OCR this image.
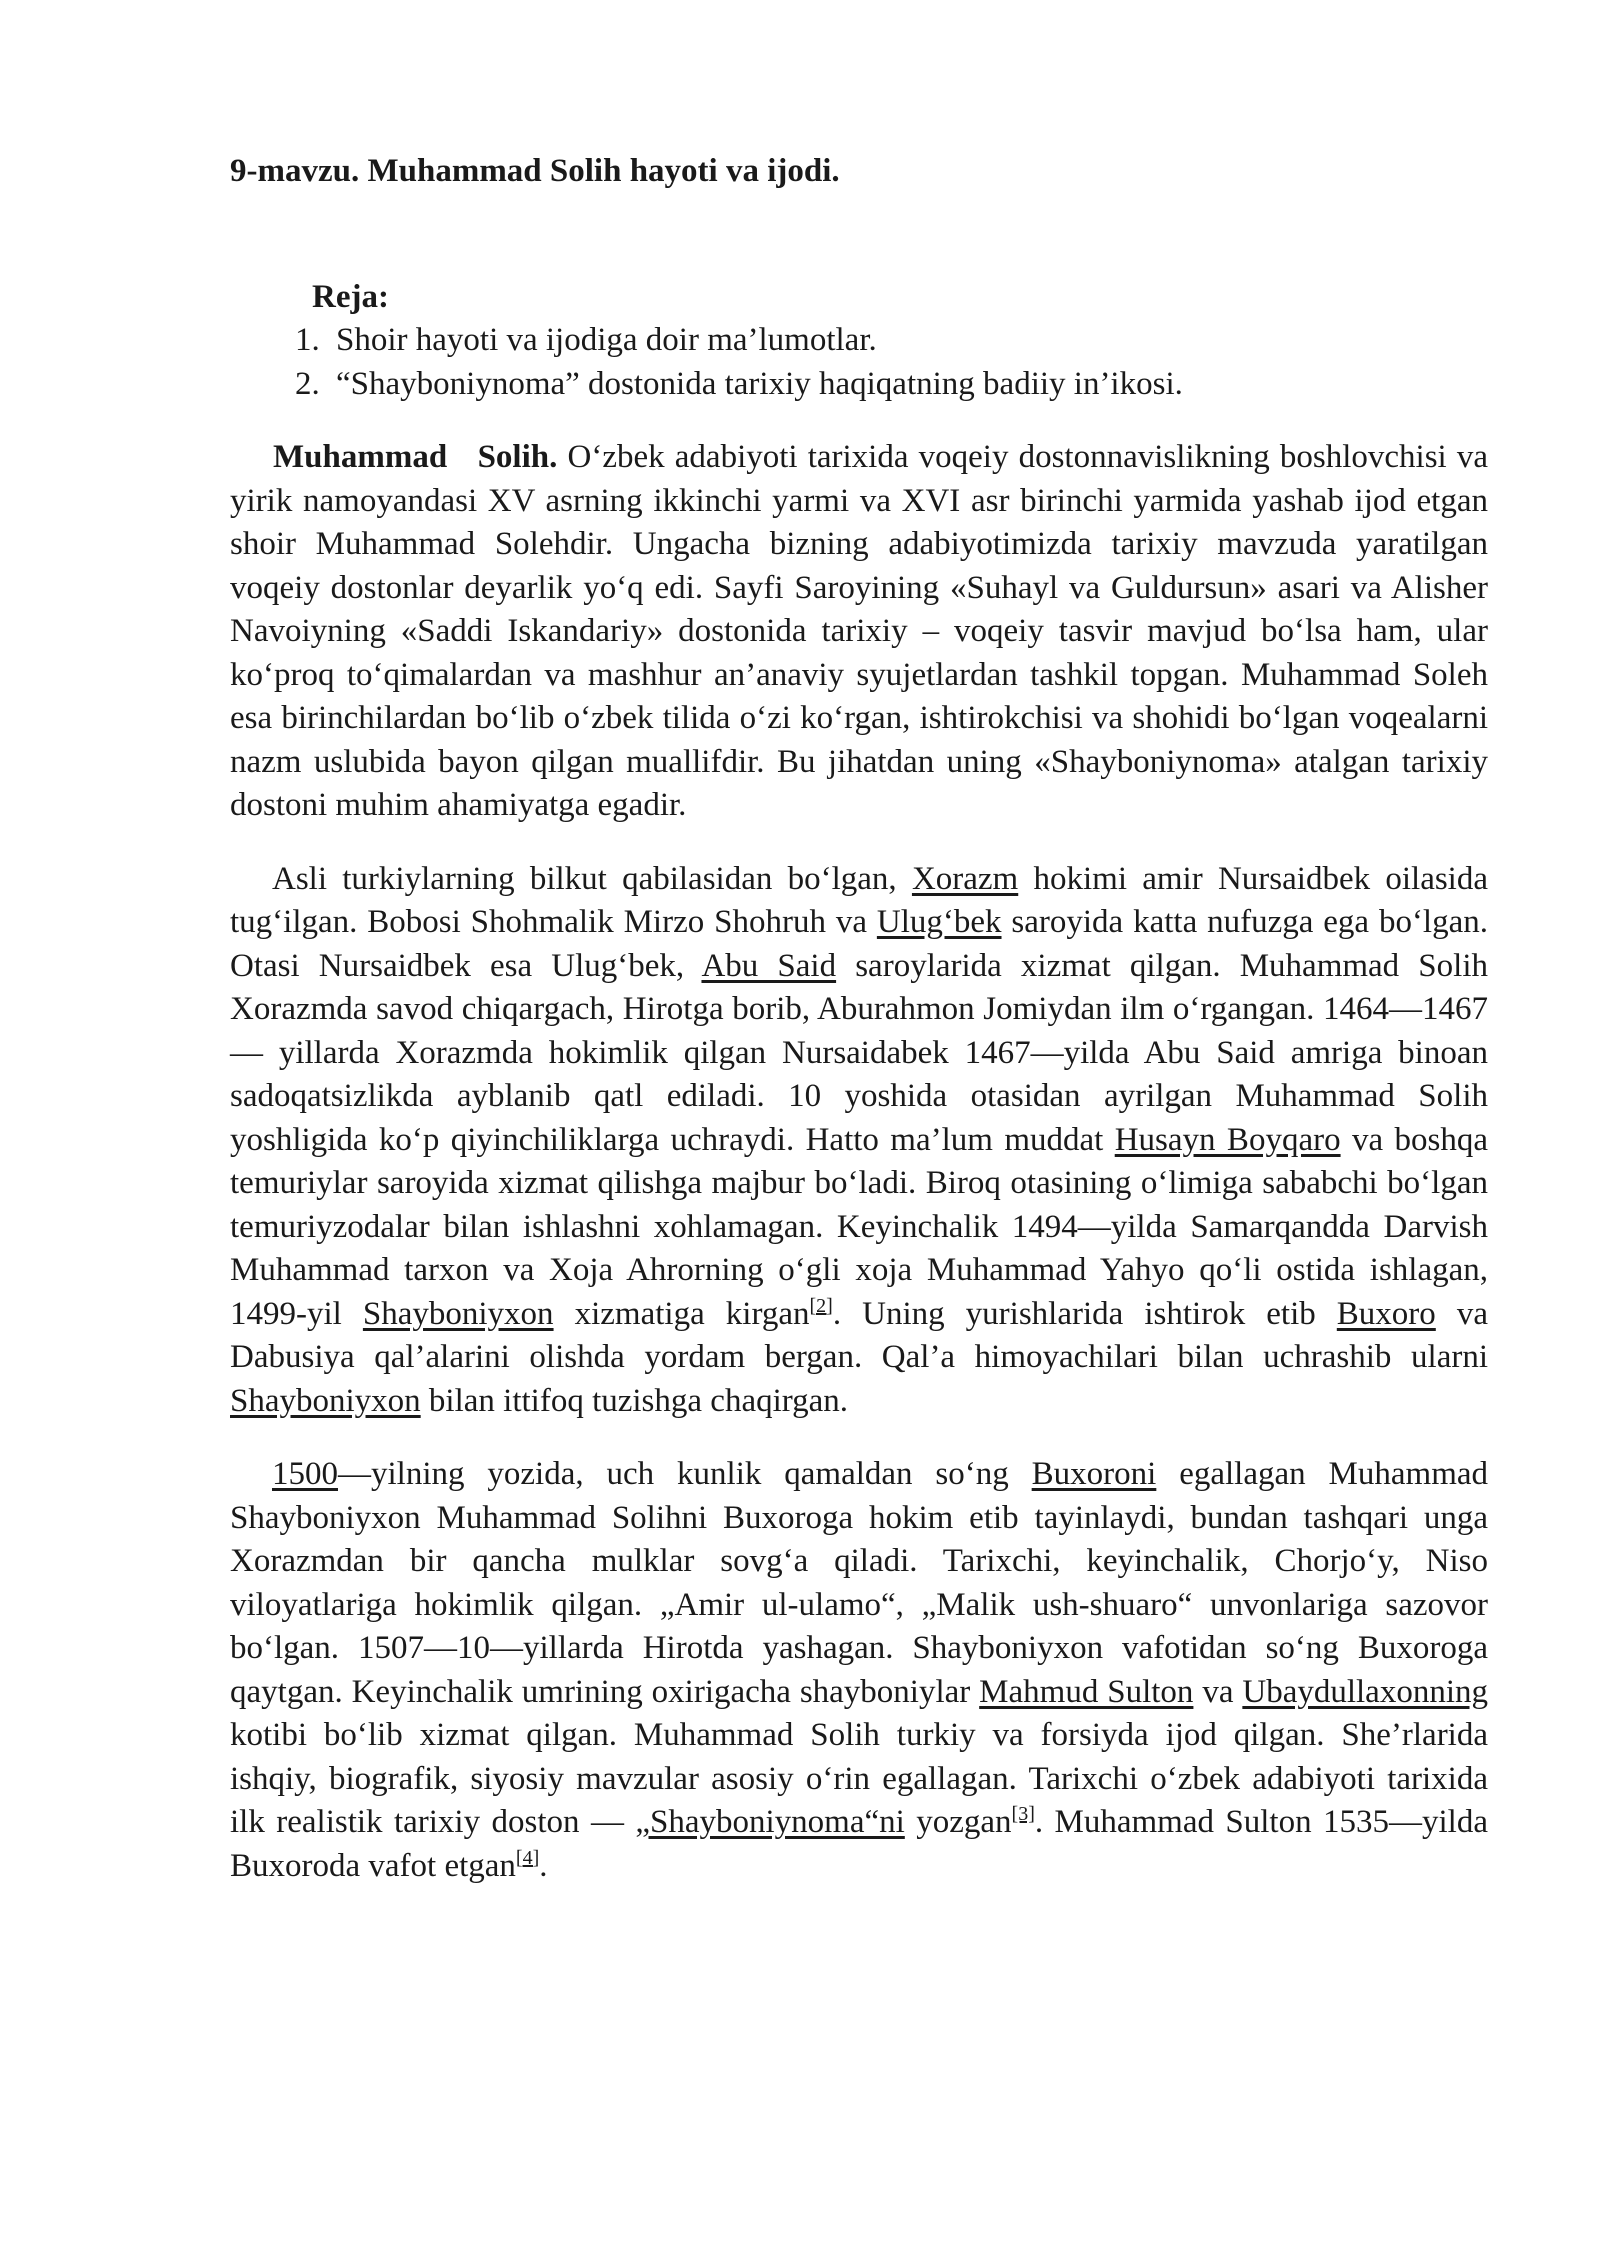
9-mavzu. Muhammad Solih hayoti va ijodi.
Reja:
1. Shoir hayoti va ijodiga doir ma’lumotlar.
2. “Shayboniynoma” dostonida tarixiy haqiqatning badiiy in’ikosi.

Muhammad   Solih. O‘zbek adabiyoti tarixida voqeiy dostonnavislikning boshlovchisi va yirik namoyandasi XV asrning ikkinchi yarmi va XVI asr birinchi yarmida yashab ijod etgan shoir Muhammad Solehdir. Ungacha bizning adabiyotimizda tarixiy mavzuda yaratilgan voqeiy dostonlar deyarlik yo‘q edi. Sayfi Saroyining «Suhayl va Guldursun» asari va Alisher Navoiyning «Saddi Iskandariy» dostonida tarixiy – voqeiy tasvir mavjud bo‘lsa ham, ular ko‘proq to‘qimalardan va mashhur an’anaviy syujetlardan tashkil topgan. Muhammad Soleh esa birinchilardan bo‘lib o‘zbek tilida o‘zi ko‘rgan, ishtirokchisi va shohidi bo‘lgan voqealarni nazm uslubida bayon qilgan muallifdir. Bu jihatdan uning «Shayboniynoma» atalgan tarixiy dostoni muhim ahamiyatga egadir.

Asli turkiylarning bilkut qabilasidan bo‘lgan, Xorazm hokimi amir Nursaidbek oilasida tug‘ilgan. Bobosi Shohmalik Mirzo Shohruh va Ulug‘bek saroyida katta nufuzga ega bo‘lgan. Otasi Nursaidbek esa Ulug‘bek, Abu Said saroylarida xizmat qilgan. Muhammad Solih Xorazmda savod chiqargach, Hirotga borib, Aburahmon Jomiydan ilm o‘rgangan. 1464—1467— yillarda Xorazmda hokimlik qilgan Nursaidabek 1467—yilda Abu Said amriga binoan sadoqatsizlikda ayblanib qatl ediladi. 10 yoshida otasidan ayrilgan Muhammad Solih yoshligida ko‘p qiyinchiliklarga uchraydi. Hatto ma’lum muddat Husayn Boyqaro va boshqa temuriylar saroyida xizmat qilishga majbur bo‘ladi. Biroq otasining o‘limiga sababchi bo‘lgan temuriyzodalar bilan ishlashni xohlamagan. Keyinchalik 1494—yilda Samarqandda Darvish Muhammad tarxon va Xoja Ahrorning o‘gli xoja Muhammad Yahyo qo‘li ostida ishlagan, 1499-yil Shayboniyxon xizmatiga kirgan[2]. Uning yurishlarida ishtirok etib Buxoro va Dabusiya qal’alarini olishda yordam bergan. Qal’a himoyachilari bilan uchrashib ularni Shayboniyxon bilan ittifoq tuzishga chaqirgan.

1500—yilning yozida, uch kunlik qamaldan so‘ng Buxoroni egallagan Muhammad Shayboniyxon Muhammad Solihni Buxoroga hokim etib tayinlaydi, bundan tashqari unga Xorazmdan bir qancha mulklar sovg‘a qiladi. Tarixchi, keyinchalik, Chorjo‘y, Niso viloyatlariga hokimlik qilgan. „Amir ul-ulamo“, „Malik ush-shuaro“ unvonlariga sazovor bo‘lgan. 1507—10—yillarda Hirotda yashagan. Shayboniyxon vafotidan so‘ng Buxoroga qaytgan. Keyinchalik umrining oxirigacha shayboniylar Mahmud Sulton va Ubaydullaxonning kotibi bo‘lib xizmat qilgan. Muhammad Solih turkiy va forsiyda ijod qilgan. She’rlarida ishqiy, biografik, siyosiy mavzular asosiy o‘rin egallagan. Tarixchi o‘zbek adabiyoti tarixida ilk realistik tarixiy doston — „Shayboniynoma“ni yozgan[3]. Muhammad Sulton 1535—yilda Buxoroda vafot etgan[4].
